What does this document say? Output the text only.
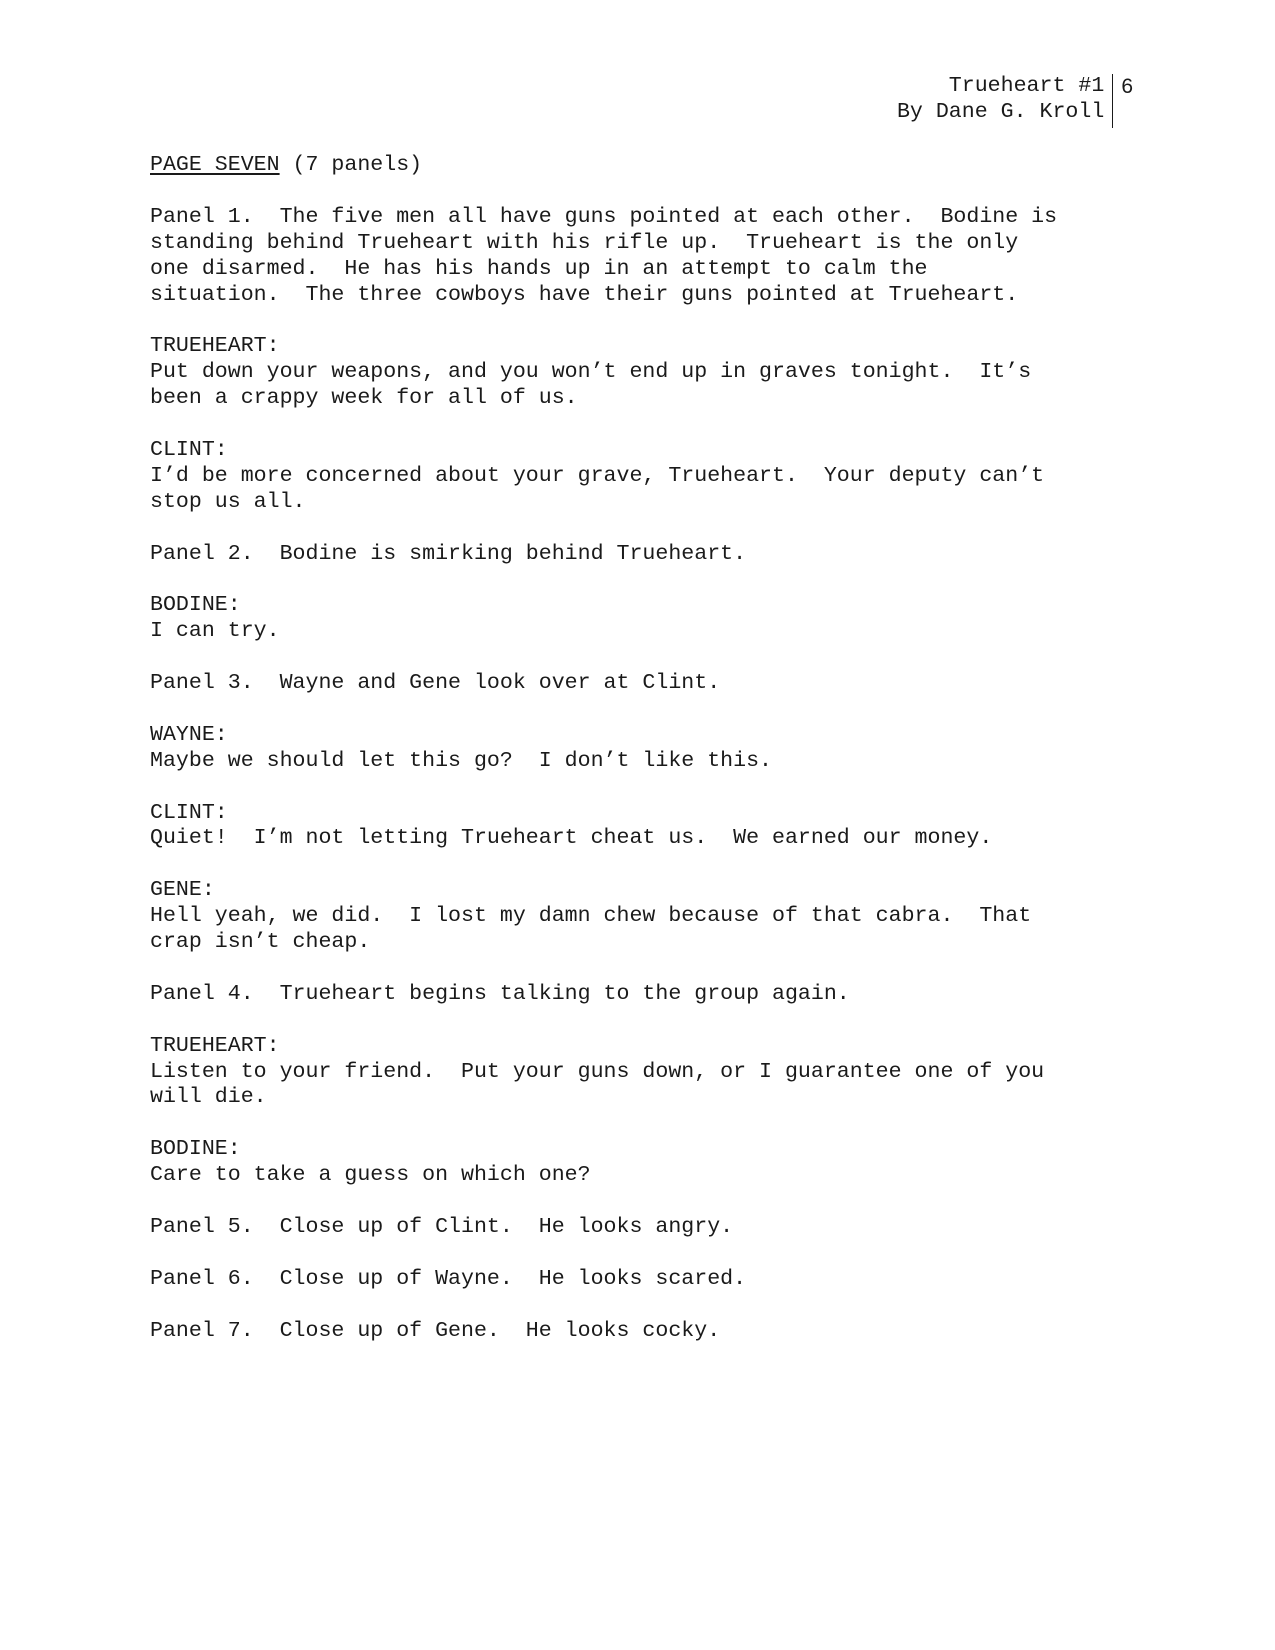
Trueheart #1
By Dane G. Kroll
6
PAGE SEVEN (7 panels)

Panel 1.  The five men all have guns pointed at each other.  Bodine is

standing behind Trueheart with his rifle up.  Trueheart is the only

one disarmed.  He has his hands up in an attempt to calm the

situation.  The three cowboys have their guns pointed at Trueheart.

TRUEHEART:

Put down your weapons, and you won’t end up in graves tonight.  It’s

been a crappy week for all of us.

CLINT:

I’d be more concerned about your grave, Trueheart.  Your deputy can’t

stop us all.

Panel 2.  Bodine is smirking behind Trueheart.

BODINE:

I can try.

Panel 3.  Wayne and Gene look over at Clint.

WAYNE:

Maybe we should let this go?  I don’t like this.

CLINT:

Quiet!  I’m not letting Trueheart cheat us.  We earned our money.

GENE:

Hell yeah, we did.  I lost my damn chew because of that cabra.  That

crap isn’t cheap.

Panel 4.  Trueheart begins talking to the group again.

TRUEHEART:

Listen to your friend.  Put your guns down, or I guarantee one of you

will die.

BODINE:

Care to take a guess on which one?

Panel 5.  Close up of Clint.  He looks angry.

Panel 6.  Close up of Wayne.  He looks scared.

Panel 7.  Close up of Gene.  He looks cocky.
